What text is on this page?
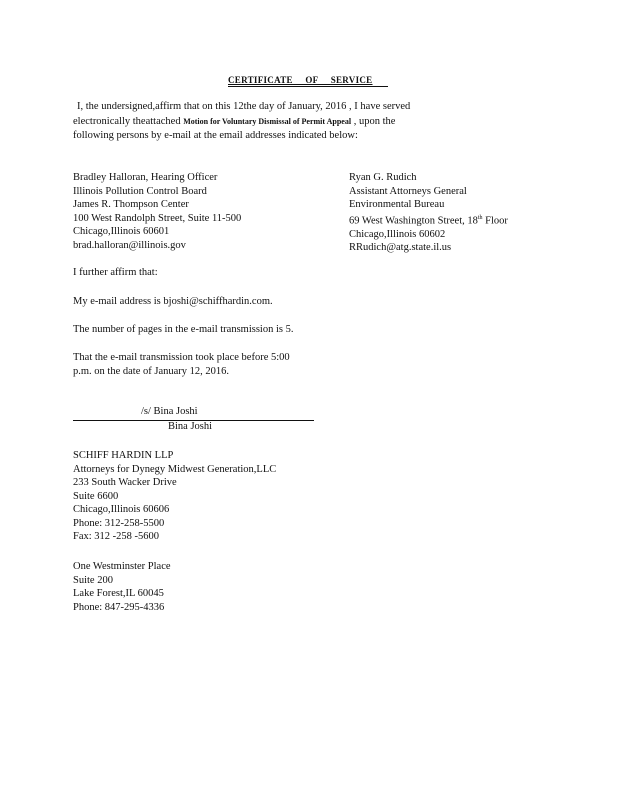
CERTIFICATE OF SERVICE
I, the undersigned,affirm that on this 12the day of January, 2016 , I have served
electronically theattached Motion for Voluntary Dismissal of Permit Appeal , upon the
following persons by e-mail at the email addresses indicated below:
Bradley Halloran, Hearing Officer
Illinois Pollution Control Board
James R. Thompson Center
100 West Randolph Street, Suite 11-500
Chicago,Illinois 60601
brad.halloran@illinois.gov
Ryan G. Rudich
Assistant Attorneys General
Environmental Bureau
69 West Washington Street, 18th Floor
Chicago,Illinois 60602
RRudich@atg.state.il.us
I further affirm that:
My e-mail address is bjoshi@schiffhardin.com.
The number of pages in the e-mail transmission is 5.
That the e-mail transmission took place before 5:00
p.m. on the date of January 12, 2016.
/s/ Bina Joshi
Bina Joshi
SCHIFF HARDIN LLP
Attorneys for Dynegy Midwest Generation,LLC
233 South Wacker Drive
Suite 6600
Chicago,Illinois 60606
Phone: 312-258-5500
Fax: 312 -258 -5600
One Westminster Place
Suite 200
Lake Forest,IL 60045
Phone: 847-295-4336
